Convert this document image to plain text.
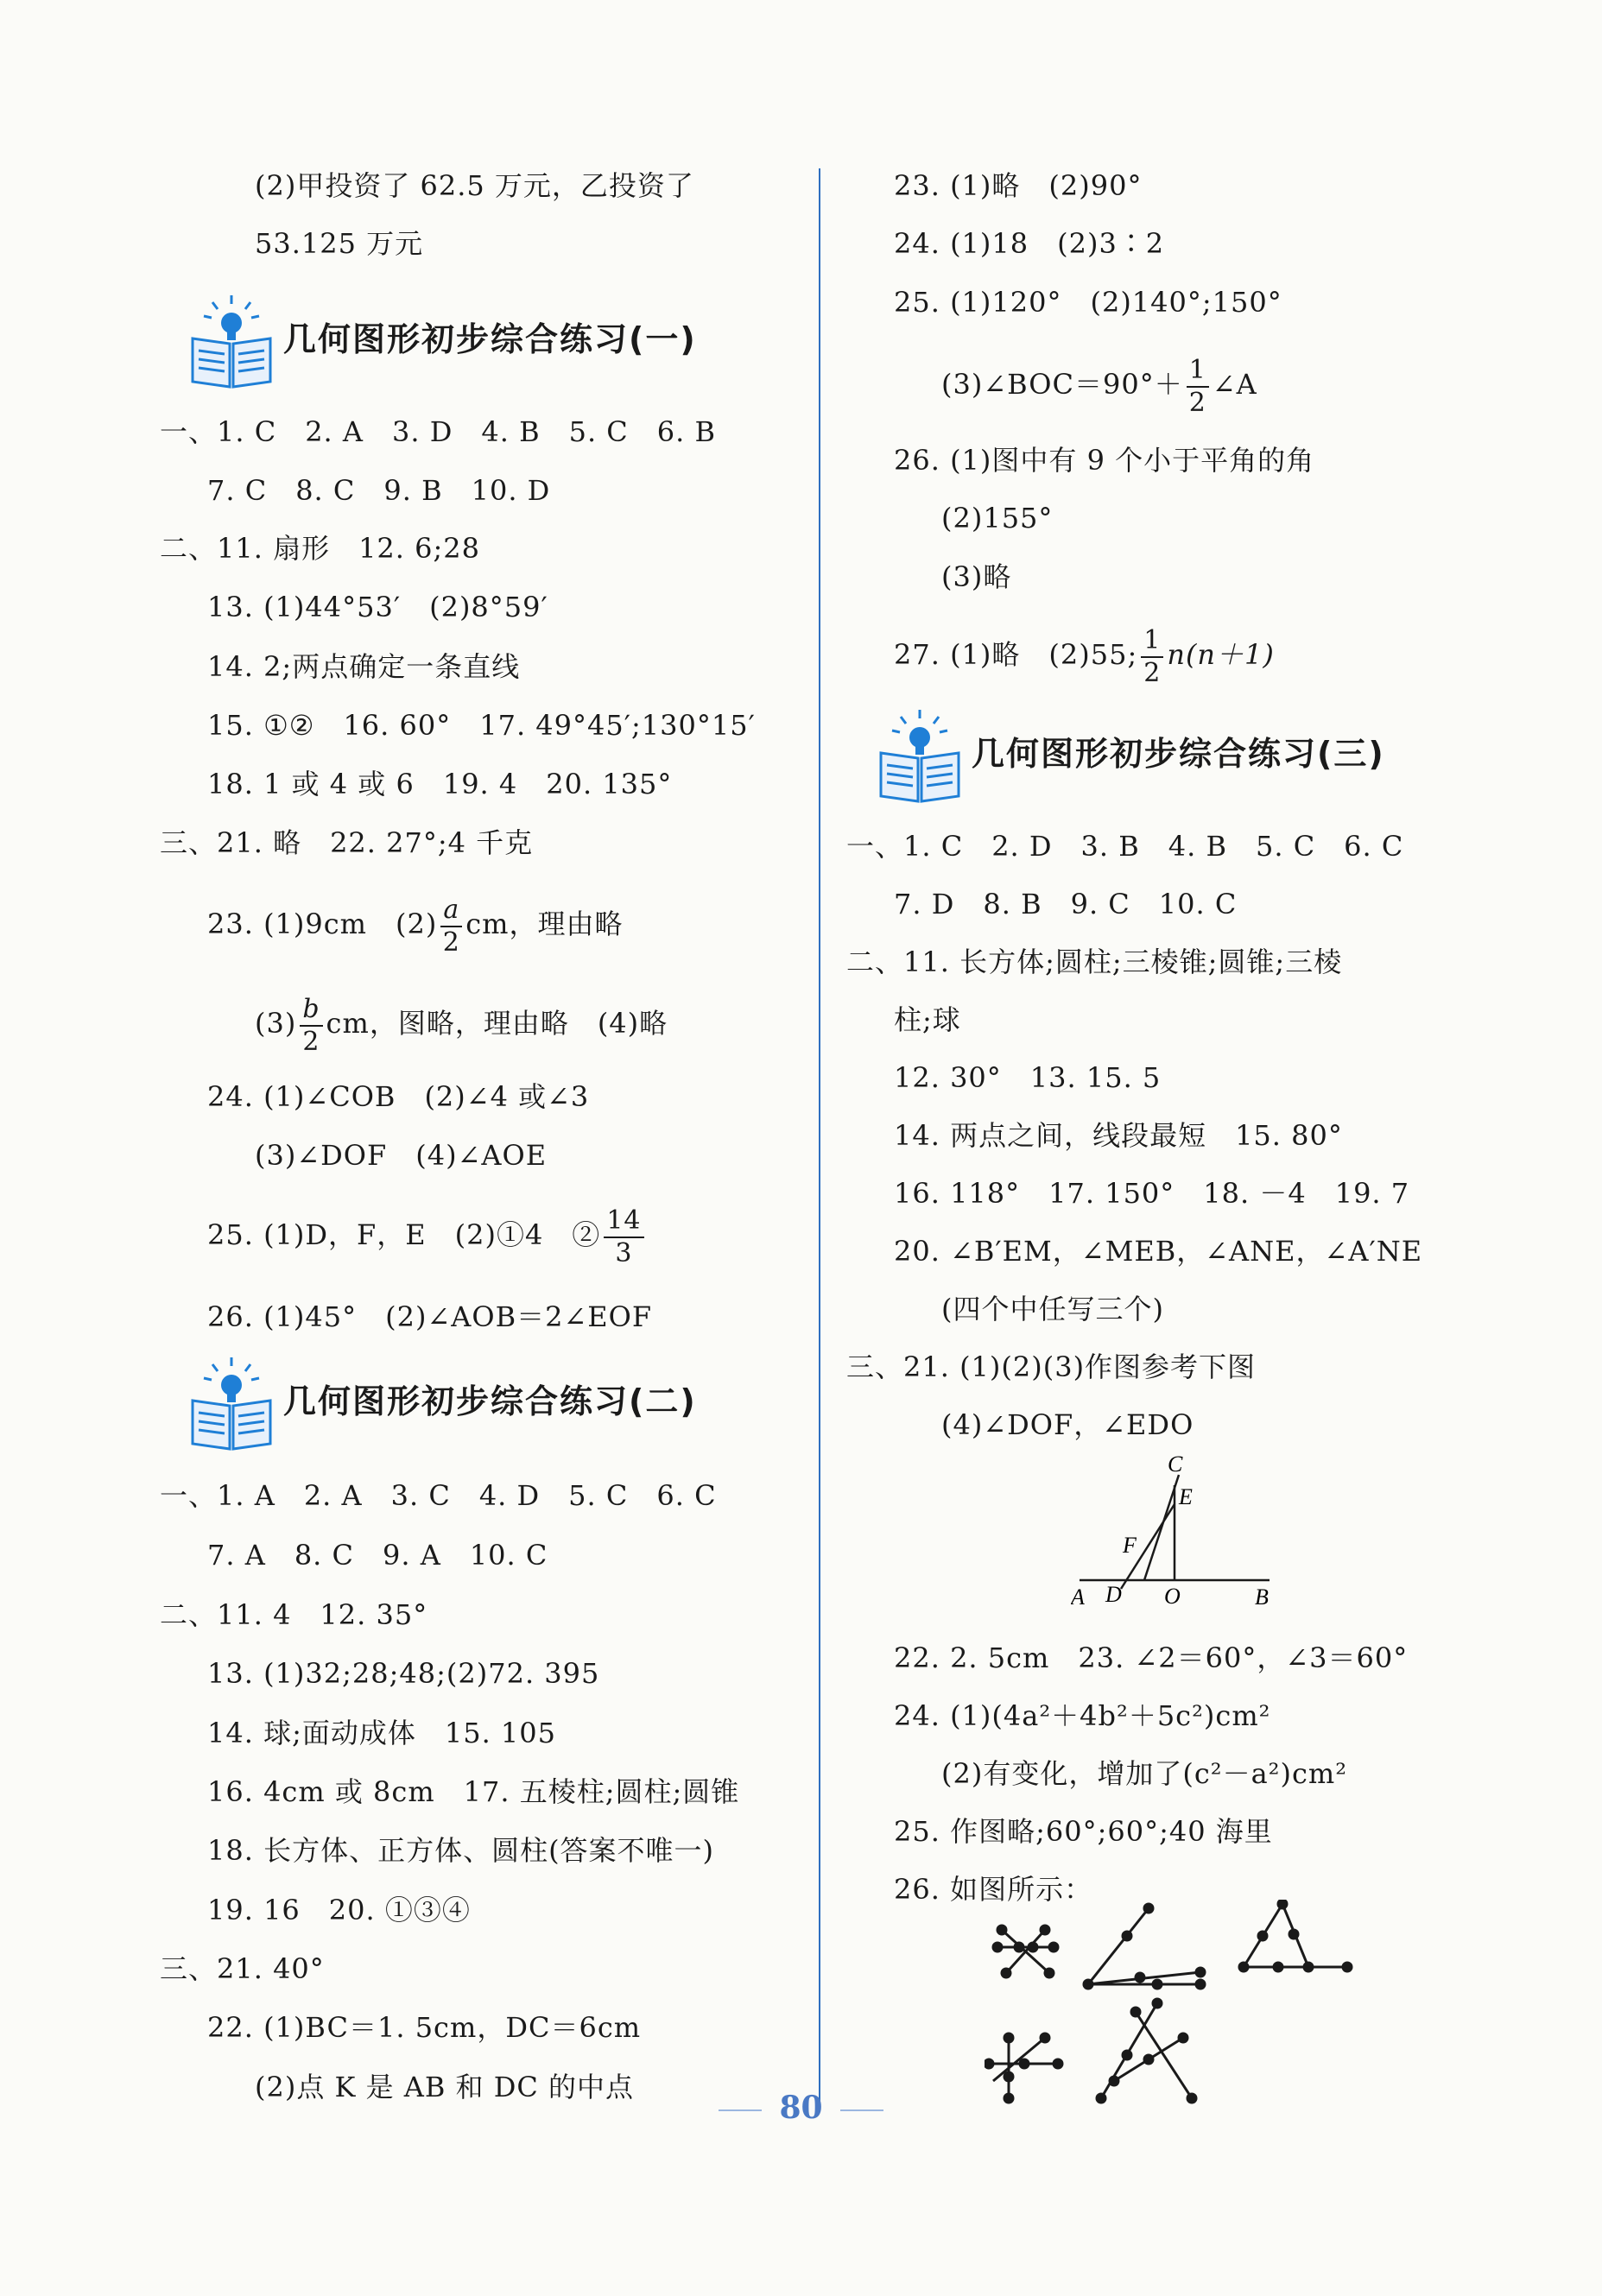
(2)甲投资了 62.5 万元，乙投资了
53.125 万元
几何图形初步综合练习(一)
一、1. C　2. A　3. D　4. B　5. C　6. B
7. C　8. C　9. B　10. D
二、11. 扇形　12. 6;28
13. (1)44°53′　(2)8°59′
14. 2;两点确定一条直线
15. ①②　16. 60°　17. 49°45′;130°15′
18. 1 或 4 或 6　19. 4　20. 135°
三、21. 略　22. 27°;4 千克
23. (1)9cm　$(2) \frac{a}{2}$ cm，理由略
$(3) \frac{b}{2}$ cm，图略，理由略　(4)略
24. (1)∠COB　(2)∠4 或∠3
(3)∠DOF　(4)∠AOE
25. (1)D，F，E　(2)①4　② $\frac{14}{3}$
26. (1)45°　(2)∠AOB＝2∠EOF
几何图形初步综合练习(二)
一、1. A　2. A　3. C　4. D　5. C　6. C
7. A　8. C　9. A　10. C
二、11. 4　12. 35°
13. (1)32;28;48;(2)72. 395
14. 球;面动成体　15. 105
16. 4cm 或 8cm　17. 五棱柱;圆柱;圆锥
18. 长方体、正方体、圆柱(答案不唯一)
19. 16　20. ①③④
三、21. 40°
22. (1)BC＝1. 5cm，DC＝6cm
(2)点 K 是 AB 和 DC 的中点
23. (1)略　(2)90°
24. (1)18　(2)3∶2
25. (1)120°　(2)140°;150°
(3)∠BOC＝90°＋ $\frac{1}{2}$ ∠A
26. (1)图中有 9 个小于平角的角
(2)155°
(3)略
27. (1)略　(2)55; $\frac{1}{2} n(n+1)$
几何图形初步综合练习(三)
一、1. C　2. D　3. B　4. B　5. C　6. C
7. D　8. B　9. C　10. C
二、11. 长方体;圆柱;三棱锥;圆锥;三棱
柱;球
12. 30°　13. 15. 5
14. 两点之间，线段最短　15. 80°
16. 118°　17. 150°　18. －4　19. 7
20. ∠B′EM，∠MEB，∠ANE，∠A′NE
(四个中任写三个)
三、21. (1)(2)(3)作图参考下图
(4)∠DOF，∠EDO
A D O	B
C
E
F
22. 2. 5cm　23. ∠2＝60°，∠3＝60°
24. (1)(4a²＋4b²＋5c²)cm²
(2)有变化，增加了(c²－a²)cm²
25. 作图略;60°;60°;40 海里
26. 如图所示：
80
